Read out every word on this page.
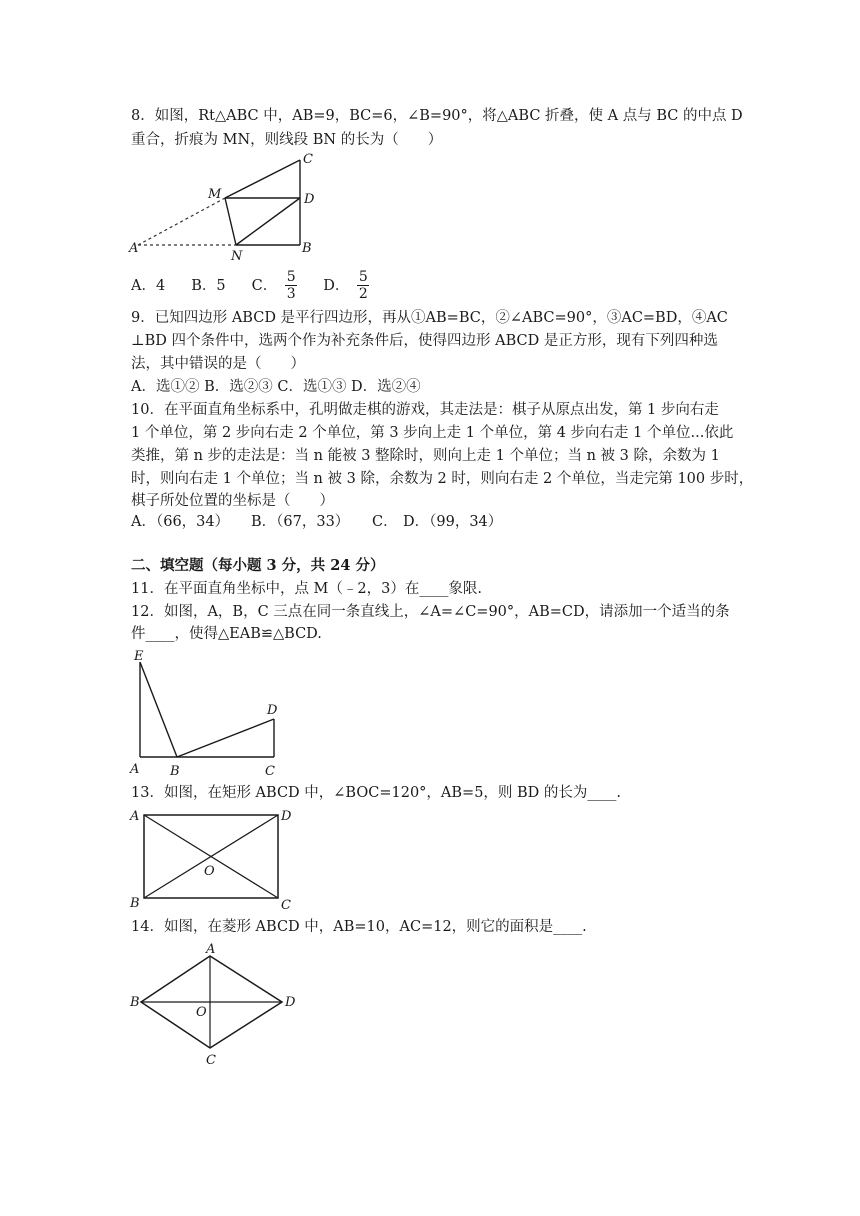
8．如图，Rt△ABC 中，AB=9，BC=6，∠B=90°，将△ABC 折叠，使 A 点与 BC 的中点 D
重合，折痕为 MN，则线段 BN 的长为（　　）
C
M	D
A
N
B
A．4 B．5 C． $\frac{5}{3}$ D． $\frac{5}{2}$
9．已知四边形 ABCD 是平行四边形，再从①AB=BC，②∠ABC=90°，③AC=BD，④AC
⊥BD 四个条件中，选两个作为补充条件后，使得四边形 ABCD 是正方形，现有下列四种选
法，其中错误的是（　　）
A．选①② B．选②③ C．选①③ D．选②④
10．在平面直角坐标系中，孔明做走棋的游戏，其走法是：棋子从原点出发，第 1 步向右走
1 个单位，第 2 步向右走 2 个单位，第 3 步向上走 1 个单位，第 4 步向右走 1 个单位...依此
类推，第 n 步的走法是：当 n 能被 3 整除时，则向上走 1 个单位；当 n 被 3 除，余数为 1
时，则向右走 1 个单位；当 n 被 3 除，余数为 2 时，则向右走 2 个单位，当走完第 100 步时，
棋子所处位置的坐标是（　　）
A．（66，34） B．（67，33） C． D．（99，34）
二、填空题（每小题 3 分，共 24 分）
11．在平面直角坐标中，点 M（﹣2，3）在____象限.
12．如图，A，B，C 三点在同一条直线上，∠A=∠C=90°，AB=CD，请添加一个适当的条
件____，使得△EAB≌△BCD.
E
D
A B	C
13．如图，在矩形 ABCD 中，∠BOC=120°，AB=5，则 BD 的长为____.
A	D
O
B	C
14．如图，在菱形 ABCD 中，AB=10，AC=12，则它的面积是____.
A
B
O
D
C
